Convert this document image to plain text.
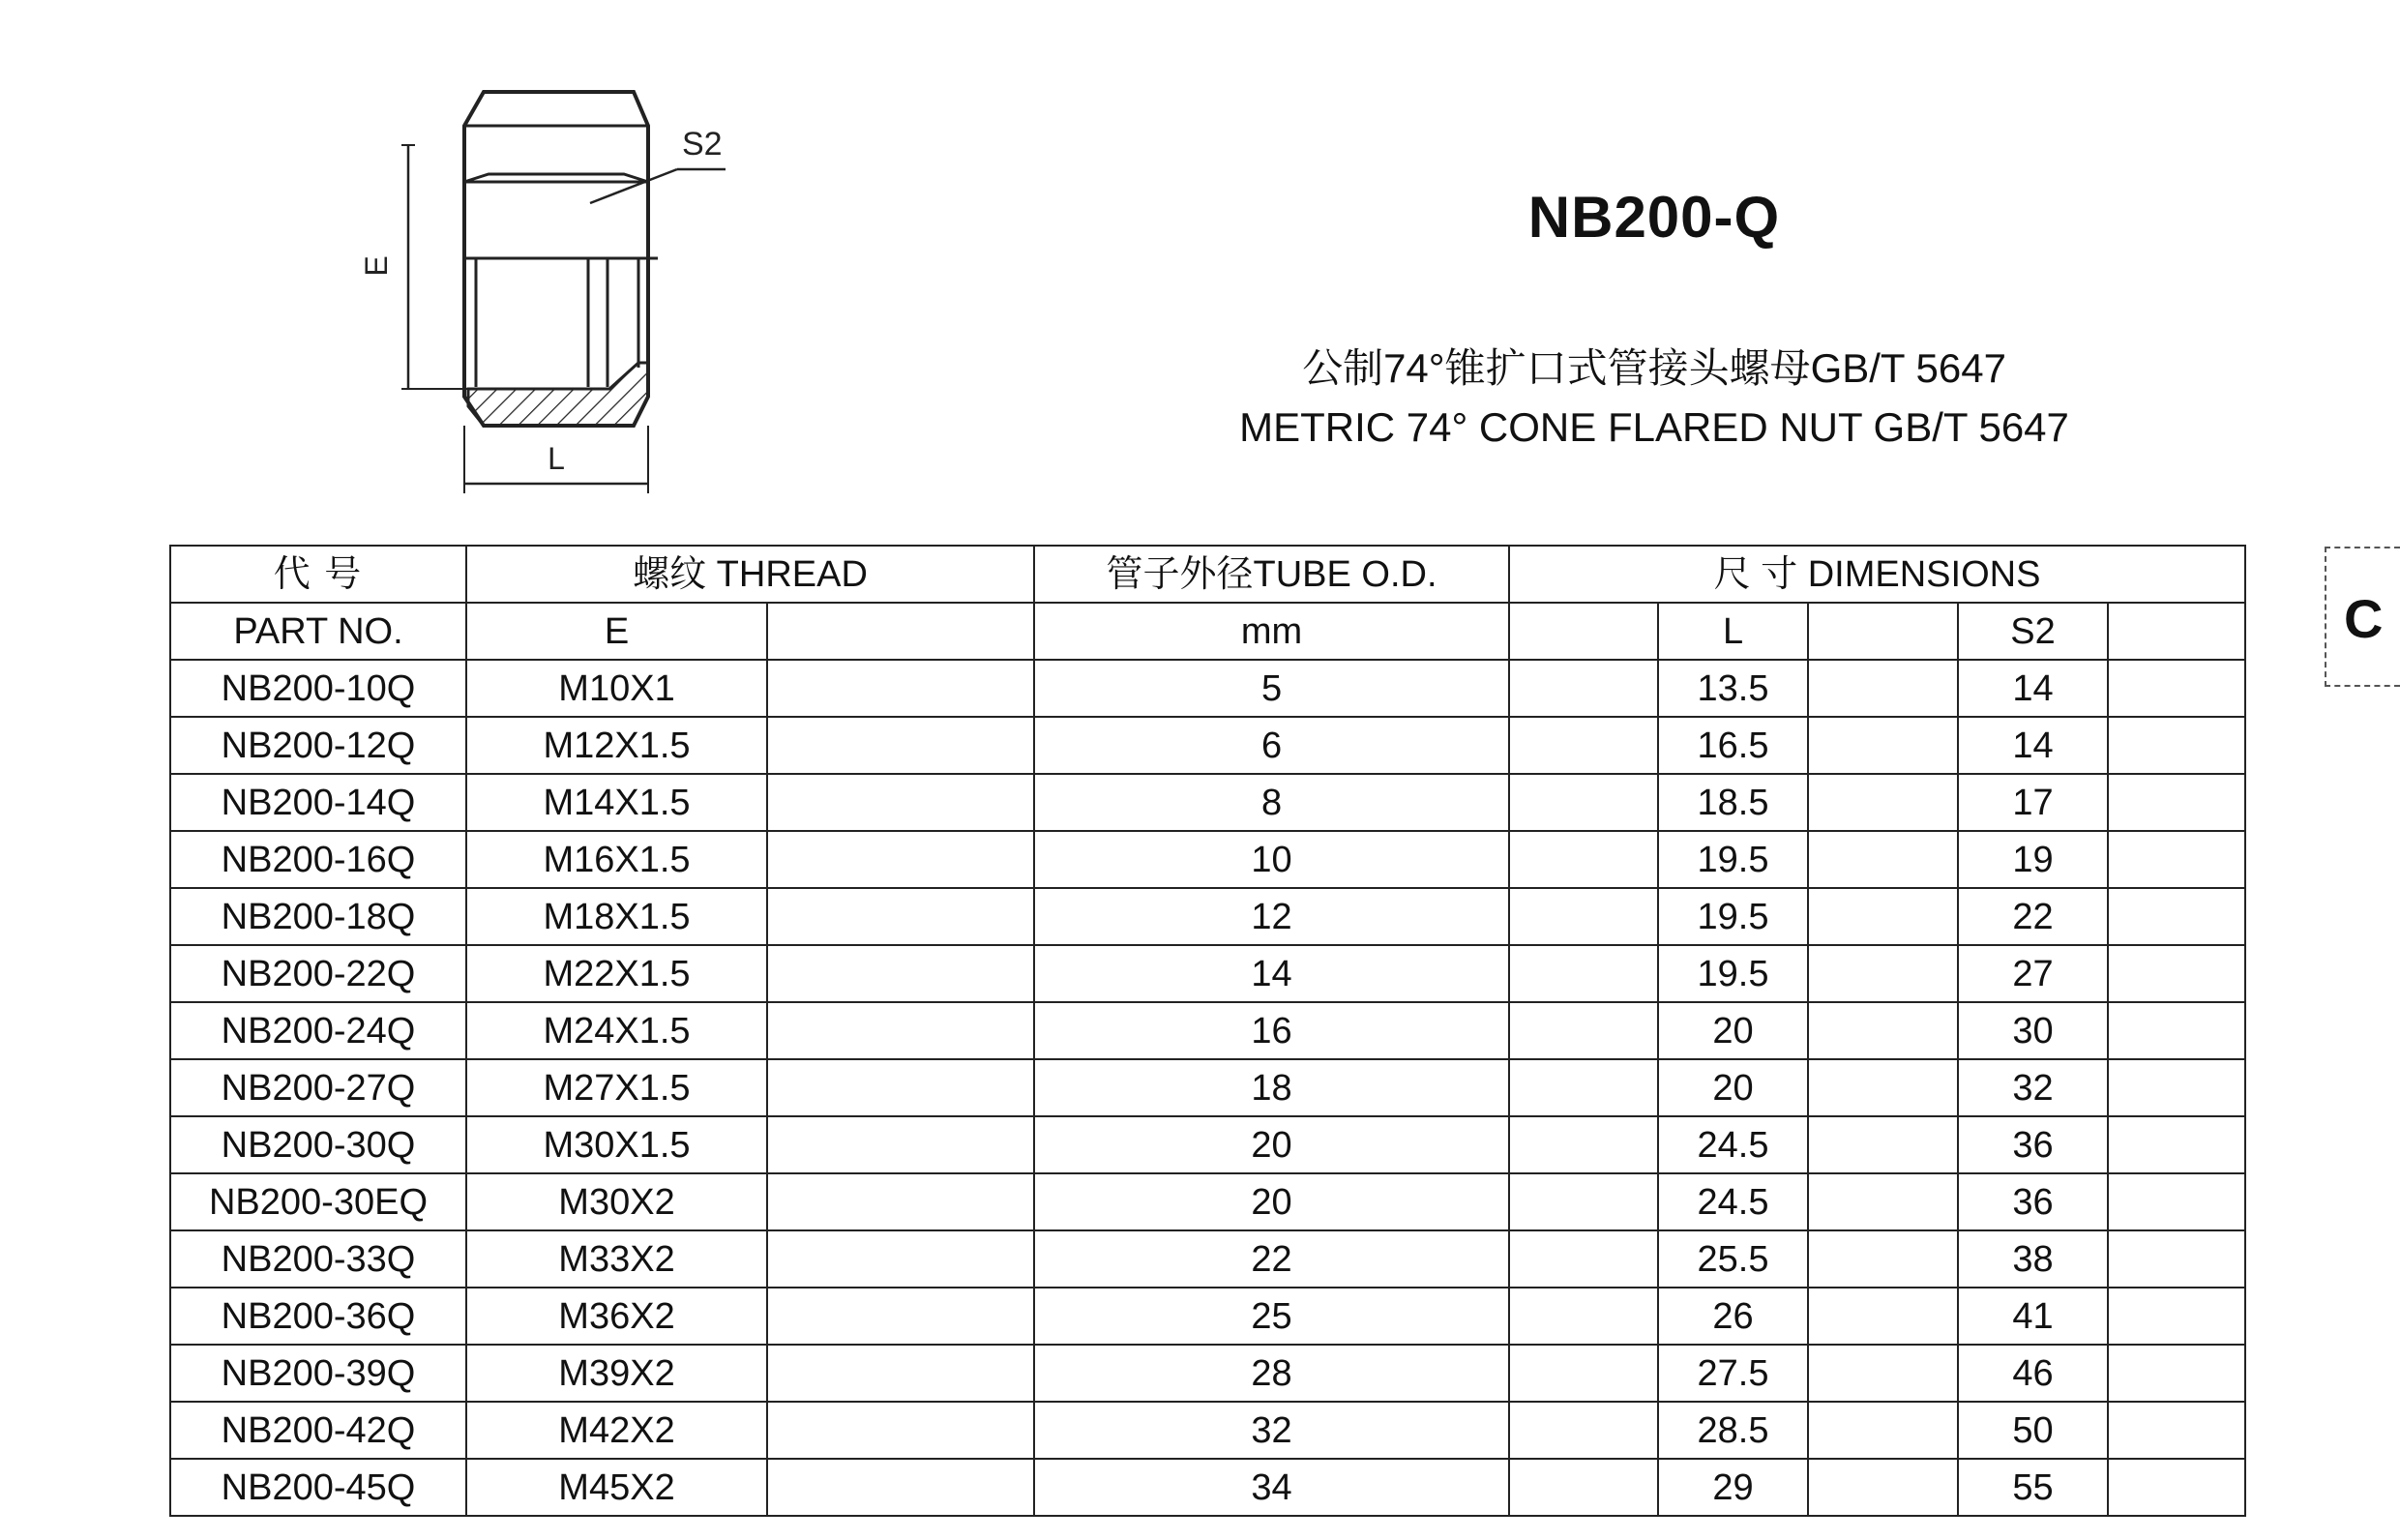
S2
E
L
NB200-Q
公制74°锥扩口式管接头螺母GB/T 5647
METRIC 74° CONE FLARED NUT GB/T 5647
C
代 号	螺纹 THREAD		管子外径TUBE O.D.	尺 寸 DIMENSIONS				
PART NO.	E		mm		L		S2	
NB200-10Q	M10X1		5		13.5		14	
NB200-12Q	M12X1.5		6		16.5		14	
NB200-14Q	M14X1.5		8		18.5		17	
NB200-16Q	M16X1.5		10		19.5		19	
NB200-18Q	M18X1.5		12		19.5		22	
NB200-22Q	M22X1.5		14		19.5		27	
NB200-24Q	M24X1.5		16		20		30	
NB200-27Q	M27X1.5		18		20		32	
NB200-30Q	M30X1.5		20		24.5		36	
NB200-30EQ	M30X2		20		24.5		36	
NB200-33Q	M33X2		22		25.5		38	
NB200-36Q	M36X2		25		26		41	
NB200-39Q	M39X2		28		27.5		46	
NB200-42Q	M42X2		32		28.5		50	
NB200-45Q	M45X2		34		29		55	
